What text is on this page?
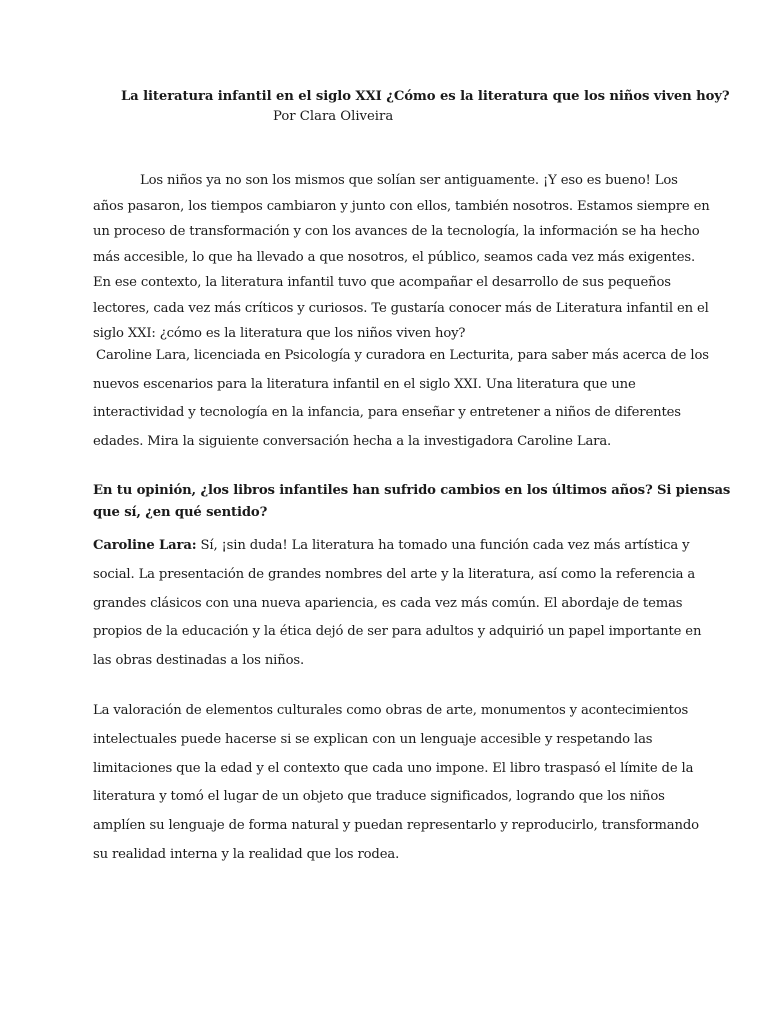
La literatura infantil en el siglo XXI ¿Cómo es la literatura que los niños viven hoy?
Por Clara Oliveira
Los niños ya no son los mismos que solían ser antiguamente. ¡Y eso es bueno! Los
años pasaron, los tiempos cambiaron y junto con ellos, también nosotros. Estamos siempre en
un proceso de transformación y con los avances de la tecnología, la información se ha hecho
más accesible, lo que ha llevado a que nosotros, el público, seamos cada vez más exigentes.
En ese contexto, la literatura infantil tuvo que acompañar el desarrollo de sus pequeños
lectores, cada vez más críticos y curiosos. Te gustaría conocer más de Literatura infantil en el
siglo XXI: ¿cómo es la literatura que los niños viven hoy?
Caroline Lara, licenciada en Psicología y curadora en Lecturita, para saber más acerca de los
nuevos escenarios para la literatura infantil en el siglo XXI. Una literatura que une
interactividad y tecnología en la infancia, para enseñar y entretener a niños de diferentes
edades. Mira la siguiente conversación hecha a la investigadora Caroline Lara.
En tu opinión, ¿los libros infantiles han sufrido cambios en los últimos años? Si piensas
que sí, ¿en qué sentido?
Caroline Lara: Sí, ¡sin duda! La literatura ha tomado una función cada vez más artística y
social. La presentación de grandes nombres del arte y la literatura, así como la referencia a
grandes clásicos con una nueva apariencia, es cada vez más común. El abordaje de temas
propios de la educación y la ética dejó de ser para adultos y adquirió un papel importante en
las obras destinadas a los niños.
La valoración de elementos culturales como obras de arte, monumentos y acontecimientos
intelectuales puede hacerse si se explican con un lenguaje accesible y respetando las
limitaciones que la edad y el contexto que cada uno impone. El libro traspasó el límite de la
literatura y tomó el lugar de un objeto que traduce significados, logrando que los niños
amplíen su lenguaje de forma natural y puedan representarlo y reproducirlo, transformando
su realidad interna y la realidad que los rodea.
